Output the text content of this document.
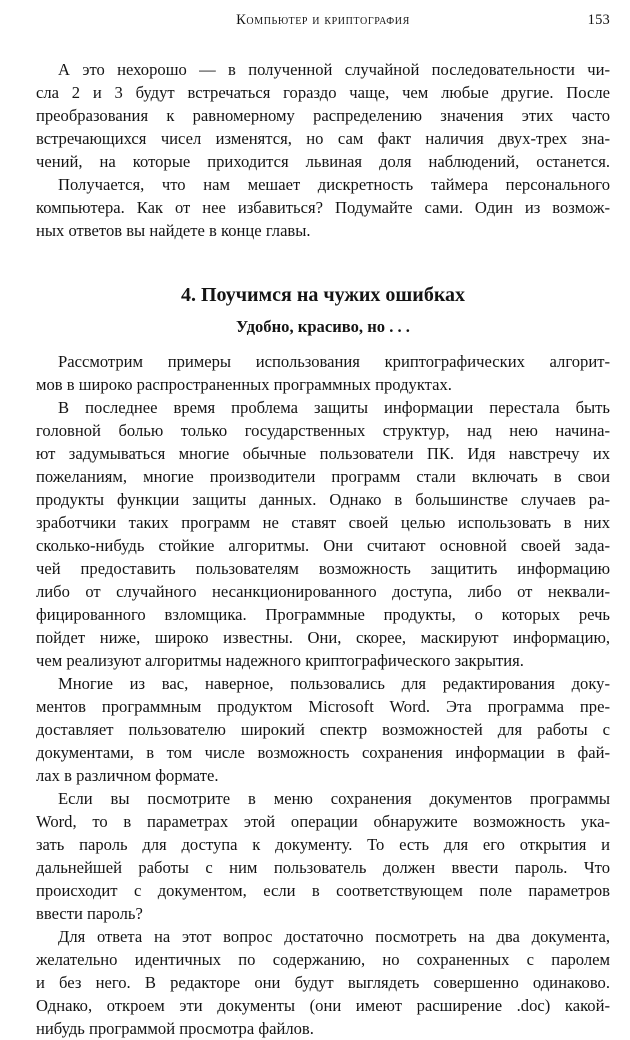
Компьютер и криптография	153
А это нехорошо — в полученной случайной последовательности чи-
сла 2 и 3 будут встречаться гораздо чаще, чем любые другие. После
преобразования к равномерному распределению значения этих часто
встречающихся чисел изменятся, но сам факт наличия двух-трех зна-
чений, на которые приходится львиная доля наблюдений, останется.
Получается, что нам мешает дискретность таймера персонального
компьютера. Как от нее избавиться? Подумайте сами. Один из возмож-
ных ответов вы найдете в конце главы.
4. Поучимся на чужих ошибках
Удобно, красиво, но . . .
Рассмотрим примеры использования криптографических алгорит-
мов в широко распространенных программных продуктах.
В последнее время проблема защиты информации перестала быть
головной болью только государственных структур, над нею начина-
ют задумываться многие обычные пользователи ПК. Идя навстречу их
пожеланиям, многие производители программ стали включать в свои
продукты функции защиты данных. Однако в большинстве случаев ра-
зработчики таких программ не ставят своей целью использовать в них
сколько-нибудь стойкие алгоритмы. Они считают основной своей зада-
чей предоставить пользователям возможность защитить информацию
либо от случайного несанкционированного доступа, либо от неквали-
фицированного взломщика. Программные продукты, о которых речь
пойдет ниже, широко известны. Они, скорее, маскируют информацию,
чем реализуют алгоритмы надежного криптографического закрытия.
Многие из вас, наверное, пользовались для редактирования доку-
ментов программным продуктом Microsoft Word. Эта программа пре-
доставляет пользователю широкий спектр возможностей для работы с
документами, в том числе возможность сохранения информации в фай-
лах в различном формате.
Если вы посмотрите в меню сохранения документов программы
Word, то в параметрах этой операции обнаружите возможность ука-
зать пароль для доступа к документу. То есть для его открытия и
дальнейшей работы с ним пользователь должен ввести пароль. Что
происходит с документом, если в соответствующем поле параметров
ввести пароль?
Для ответа на этот вопрос достаточно посмотреть на два документа,
желательно идентичных по содержанию, но сохраненных с паролем
и без него. В редакторе они будут выглядеть совершенно одинаково.
Однако, откроем эти документы (они имеют расширение .doc) какой-
нибудь программой просмотра файлов.
